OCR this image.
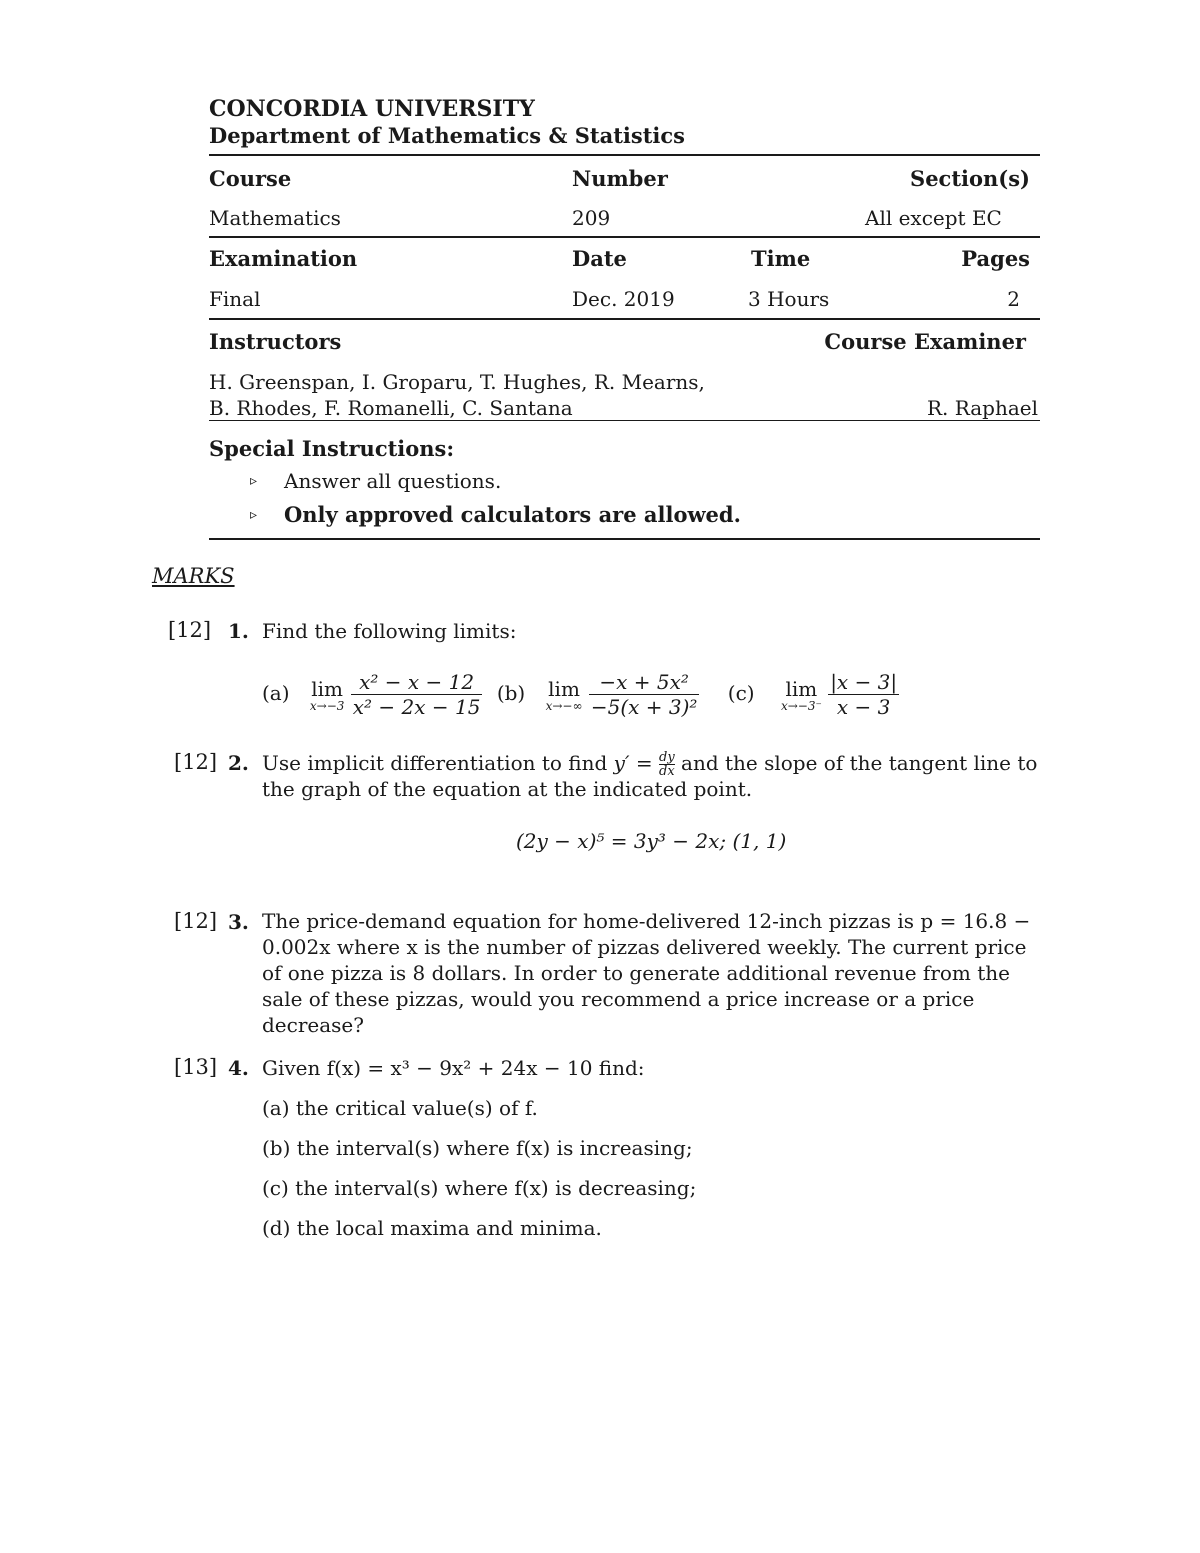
CONCORDIA UNIVERSITY
Department of Mathematics & Statistics
Course	Number	Section(s)
Mathematics	209	All except EC
Examination	Date	Time	Pages
Final	Dec. 2019	3 Hours	2
Instructors	Course Examiner
H. Greenspan, I. Groparu, T. Hughes, R. Mearns,
B. Rhodes, F. Romanelli, C. Santana	R. Raphael
Special Instructions:
▹ Answer all questions.
▹ Only approved calculators are allowed.
MARKS
[12] 1. Find the following limits:
(a) lim
x→−3
$\frac{\text{x² − x − 12}}{\text{x² − 2x − 15}} (b)$ lim
x→−∞
$\frac{\text{−x + 5x²}}{\text{−5(x + 3)²}} (c)$ lim
x→−3⁻
$\frac{|x - 3|}{x - 3}$
[12] 2. Use implicit differentiation to find $y' = \frac{dy}{dx}$ and the slope of the tangent line to
the graph of the equation at the indicated point.
(2y − x)⁵ = 3y³ − 2x; (1, 1)
[12] 3. The price-demand equation for home-delivered 12-inch pizzas is p = 16.8 − 0.002x where x is the number of pizzas delivered weekly. The current price of one pizza is 8 dollars. In order to generate additional revenue from the sale of these pizzas, would you recommend a price increase or a price decrease?
[13] 4. Given f(x) = x³ − 9x² + 24x − 10 find:
(a) the critical value(s) of f.
(b) the interval(s) where f(x) is increasing;
(c) the interval(s) where f(x) is decreasing;
(d) the local maxima and minima.
